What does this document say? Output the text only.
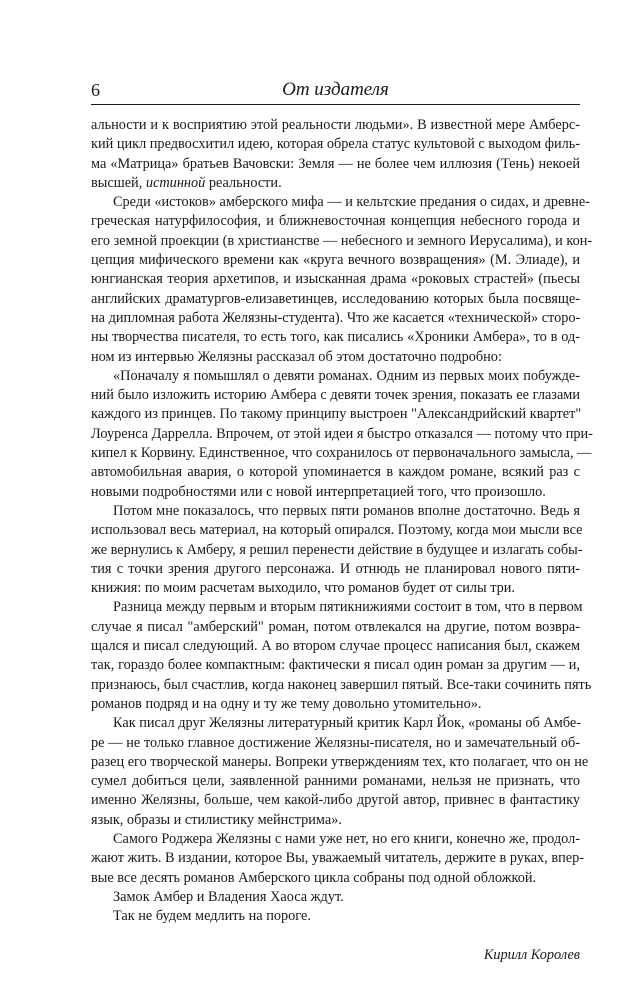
6	От издателя
альности и к восприятию этой реальности людьми». В известной мере Амберс-
кий цикл предвосхитил идею, которая обрела статус культовой с выходом филь-
ма «Матрица» братьев Вачовски: Земля — не более чем иллюзия (Тень) некоей
высшей, истинной реальности.
Среди «истоков» амберского мифа — и кельтские предания о сидах, и древне-
греческая натурфилософия, и ближневосточная концепция небесного города и
его земной проекции (в христианстве — небесного и земного Иерусалима), и кон-
цепция мифического времени как «круга вечного возвращения» (М. Элиаде), и
юнгианская теория архетипов, и изысканная драма «роковых страстей» (пьесы
английских драматургов-елизаветинцев, исследованию которых была посвяще-
на дипломная работа Желязны-студента). Что же касается «технической» сторо-
ны творчества писателя, то есть того, как писались «Хроники Амбера», то в од-
ном из интервью Желязны рассказал об этом достаточно подробно:
«Поначалу я помышлял о девяти романах. Одним из первых моих побужде-
ний было изложить историю Амбера с девяти точек зрения, показать ее глазами
каждого из принцев. По такому принципу выстроен "Александрийский квартет"
Лоуренса Даррелла. Впрочем, от этой идеи я быстро отказался — потому что при-
кипел к Корвину. Единственное, что сохранилось от первоначального замысла, —
автомобильная авария, о которой упоминается в каждом романе, всякий раз с
новыми подробностями или с новой интерпретацией того, что произошло.
Потом мне показалось, что первых пяти романов вполне достаточно. Ведь я
использовал весь материал, на который опирался. Поэтому, когда мои мысли все
же вернулись к Амберу, я решил перенести действие в будущее и излагать собы-
тия с точки зрения другого персонажа. И отнюдь не планировал нового пяти-
книжия: по моим расчетам выходило, что романов будет от силы три.
Разница между первым и вторым пятикнижиями состоит в том, что в первом
случае я писал "амберский" роман, потом отвлекался на другие, потом возвра-
щался и писал следующий. А во втором случае процесс написания был, скажем
так, гораздо более компактным: фактически я писал один роман за другим — и,
признаюсь, был счастлив, когда наконец завершил пятый. Все-таки сочинить пять
романов подряд и на одну и ту же тему довольно утомительно».
Как писал друг Желязны литературный критик Карл Йок, «романы об Амбе-
ре — не только главное достижение Желязны-писателя, но и замечательный об-
разец его творческой манеры. Вопреки утверждениям тех, кто полагает, что он не
сумел добиться цели, заявленной ранними романами, нельзя не признать, что
именно Желязны, больше, чем какой-либо другой автор, привнес в фантастику
язык, образы и стилистику мейнстрима».
Самого Роджера Желязны с нами уже нет, но его книги, конечно же, продол-
жают жить. В издании, которое Вы, уважаемый читатель, держите в руках, впер-
вые все десять романов Амберского цикла собраны под одной обложкой.
Замок Амбер и Владения Хаоса ждут.
Так не будем медлить на пороге.
Кирилл Королев
